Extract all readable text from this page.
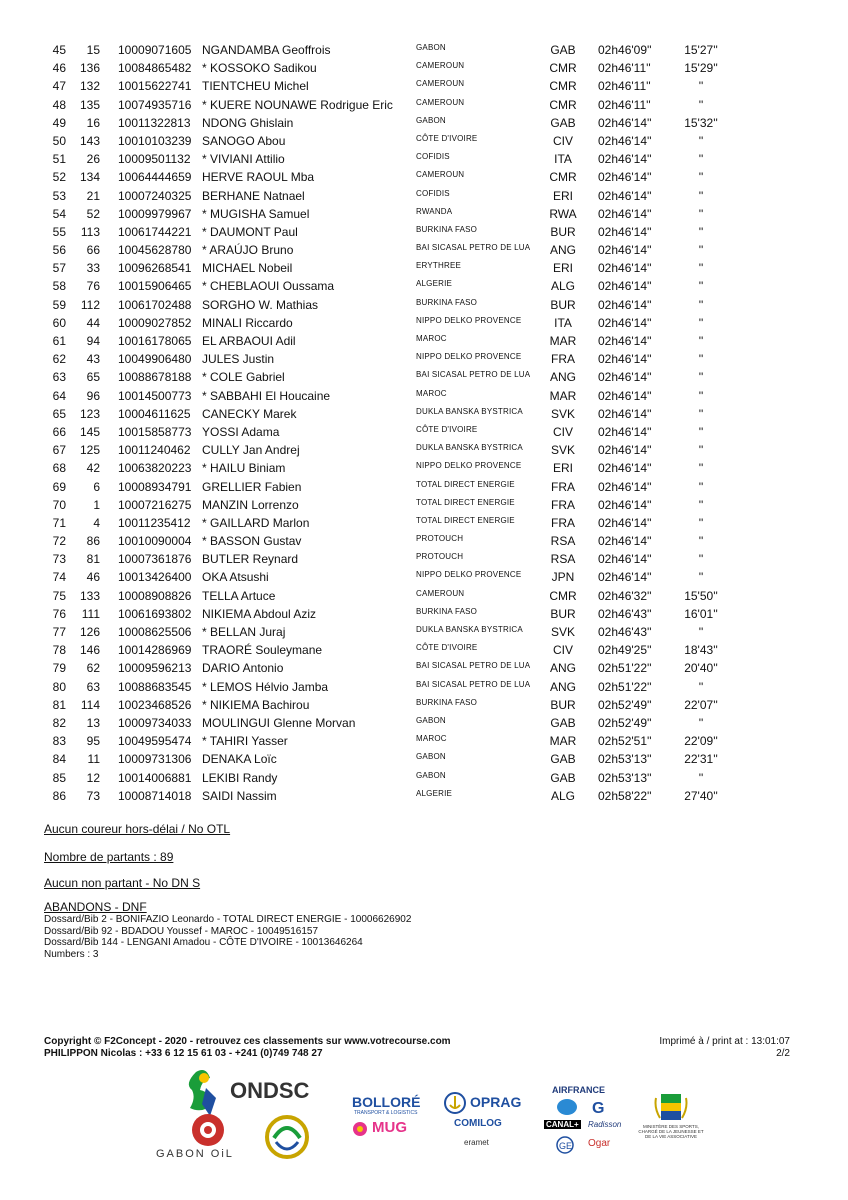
45	15 10009071605 NGANDAMBA Geoffrois	GABON	GAB 02h46'09''	15'27''
46	136 10084865482 * KOSSOKO Sadikou	CAMEROUN	CMR 02h46'11''	15'29''
47	132 10015622741 TIENTCHEU Michel	CAMEROUN	CMR 02h46'11''	''
48	135 10074935716 * KUERE NOUNAWE Rodrigue Eric	CAMEROUN	CMR 02h46'11''	''
49	16 10011322813 NDONG Ghislain	GABON	GAB 02h46'14''	15'32''
50	143 10010103239 SANOGO Abou	CÔTE D'IVOIRE	CIV	02h46'14''	''
51	26 10009501132 * VIVIANI Attilio	COFIDIS	ITA	02h46'14''	''
52	134 10064444659 HERVE RAOUL Mba	CAMEROUN	CMR 02h46'14''	''
53	21 10007240325 BERHANE Natnael	COFIDIS	ERI	02h46'14''	''
54	52 10009979967 * MUGISHA Samuel	RWANDA	RWA 02h46'14''	''
55	113 10061744221 * DAUMONT Paul	BURKINA FASO	BUR 02h46'14''	''
56	66 10045628780 * ARAÚJO Bruno	BAI SICASAL PETRO DE LUA ANG 02h46'14''	''
57	33 10096268541 MICHAEL Nobeil	ERYTHREE	ERI	02h46'14''	''
58	76 10015906465 * CHEBLAOUI Oussama	ALGERIE	ALG 02h46'14''	''
59	112 10061702488 SORGHO W. Mathias	BURKINA FASO	BUR 02h46'14''	''
60	44 10009027852 MINALI Riccardo	NIPPO DELKO PROVENCE	ITA	02h46'14''	''
61	94 10016178065 EL ARBAOUI Adil	MAROC	MAR 02h46'14''	''
62	43 10049906480 JULES Justin	NIPPO DELKO PROVENCE FRA 02h46'14''	''
63	65 10088678188 * COLE Gabriel	BAI SICASAL PETRO DE LUA ANG 02h46'14''	''
64	96 10014500773 * SABBAHI El Houcaine	MAROC	MAR 02h46'14''	''
65	123 10004611625 CANECKY Marek	DUKLA BANSKA BYSTRICA SVK 02h46'14''	''
66	145 10015858773 YOSSI Adama	CÔTE D'IVOIRE	CIV	02h46'14''	''
67	125 10011240462 CULLY Jan Andrej	DUKLA BANSKA BYSTRICA SVK 02h46'14''	''
68	42 10063820223 * HAILU Biniam	NIPPO DELKO PROVENCE	ERI	02h46'14''	''
69	6 10008934791 GRELLIER Fabien	TOTAL DIRECT ENERGIE	FRA 02h46'14''	''
70	1 10007216275 MANZIN Lorrenzo	TOTAL DIRECT ENERGIE	FRA 02h46'14''	''
71	4 10011235412 * GAILLARD Marlon	TOTAL DIRECT ENERGIE	FRA 02h46'14''	''
72	86 10010090004 * BASSON Gustav	PROTOUCH	RSA 02h46'14''	''
73	81 10007361876 BUTLER Reynard	PROTOUCH	RSA 02h46'14''	''
74	46 10013426400 OKA Atsushi	NIPPO DELKO PROVENCE	JPN	02h46'14''	''
75	133 10008908826 TELLA Artuce	CAMEROUN	CMR 02h46'32''	15'50''
76	111 10061693802 NIKIEMA Abdoul Aziz	BURKINA FASO	BUR 02h46'43''	16'01''
77	126 10008625506 * BELLAN Juraj	DUKLA BANSKA BYSTRICA SVK 02h46'43''	''
78	146 10014286969 TRAORÉ Souleymane	CÔTE D'IVOIRE	CIV	02h49'25''	18'43''
79	62 10009596213 DARIO Antonio	BAI SICASAL PETRO DE LUA ANG 02h51'22''	20'40''
80	63 10088683545 * LEMOS Hélvio Jamba	BAI SICASAL PETRO DE LUA ANG 02h51'22''	''
81	114 10023468526 * NIKIEMA Bachirou	BURKINA FASO	BUR 02h52'49''	22'07''
82	13 10009734033 MOULINGUI Glenne Morvan	GABON	GAB 02h52'49''	''
83	95 10049595474 * TAHIRI Yasser	MAROC	MAR 02h52'51''	22'09''
84	11 10009731306 DENAKA Loïc	GABON	GAB 02h53'13''	22'31''
85	12 10014006881 LEKIBI Randy	GABON	GAB 02h53'13''	''
86	73 10008714018 SAIDI Nassim	ALGERIE	ALG 02h58'22''	27'40''
Aucun coureur hors-délai / No OTL
Nombre de partants : 89
Aucun non partant - No DN S
ABANDONS - DNF
Dossard/Bib 2 - BONIFAZIO Leonardo - TOTAL DIRECT ENERGIE - 10006626902
Dossard/Bib 92 - BDADOU Youssef - MAROC - 10049516157
Dossard/Bib 144 - LENGANI Amadou - CÔTE D'IVOIRE - 10013646264
Numbers : 3
Copyright © F2Concept - 2020 - retrouvez ces classements sur www.votrecourse.com
PHILIPPON Nicolas : +33 6 12 15 61 03 - +241 (0)749 748 27
Imprimé à / print at : 13:01:07
2/2
ONDSC
GABON OiL
BOLLORÉ
TRANSPORT & LOGISTICS
MUG
OPRAG
COMILOG
eramet
AIRFRANCE
G
CANAL+ Radisson
GE Ogar
MINISTÈRE DES SPORTS, CHARGÉ DE LA JEUNESSE ET DE LA VIE ASSOCIATIVE
